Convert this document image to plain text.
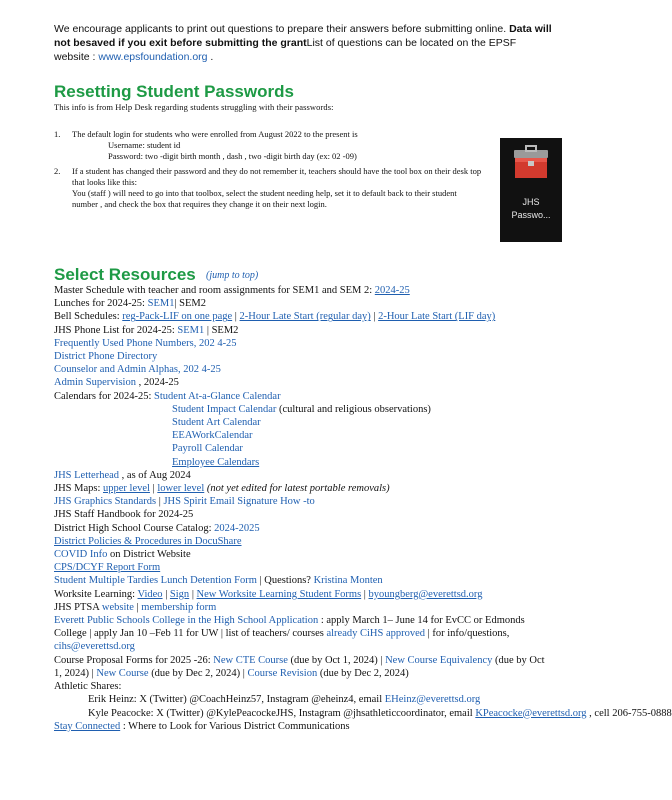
We encourage applicants to print out questions to prepare their answers before submitting online. Data will not besaved if you exit before submitting the grantList of questions can be located on the EPSF website : www.epsfoundation.org .

Resetting Student Passwords
This info is from Help Desk regarding students struggling with their passwords:
1. The default login for students who were enrolled from August 2022 to the present is
Username: student id
Password: two -digit birth month , dash , two -digit birth day (ex: 02 -09)
2. If a student has changed their password and they do not remember it, teachers should have the tool box on their desk top that looks like this:
You (staff ) will need to go into that toolbox, select the student needing help, set it to default back to their student number , and check the box that requires they change it on their next login.	JHS
Passwo...
Select Resources (jump to top)
Master Schedule with teacher and room assignments for SEM1 and SEM 2: 2024-25
Lunches for 2024-25: SEM1| SEM2
Bell Schedules: reg-Pack-LIF on one page | 2-Hour Late Start (regular day) | 2-Hour Late Start (LIF day)
JHS Phone List for 2024-25: SEM1 | SEM2
Frequently Used Phone Numbers, 202 4-25
District Phone Directory
Counselor and Admin Alphas, 202 4-25
Admin Supervision , 2024-25
Calendars for 2024-25: Student At-a-Glance Calendar
Student Impact Calendar (cultural and religious observations)
Student Art Calendar
EEAWorkCalendar
Payroll Calendar
Employee Calendars
JHS Letterhead , as of Aug 2024
JHS Maps: upper level | lower level (not yet edited for latest portable removals)
JHS Graphics Standards | JHS Spirit Email Signature How -to
JHS Staff Handbook for 2024-25
District High School Course Catalog: 2024-2025
District Policies & Procedures in DocuShare
COVID Info on District Website
CPS/DCYF Report Form
Student Multiple Tardies Lunch Detention Form | Questions? Kristina Monten
Worksite Learning: Video | Sign | New Worksite Learning Student Forms | byoungberg@everettsd.org
JHS PTSA website | membership form
Everett Public Schools College in the High School Application : apply March 1– June 14 for EvCC or Edmonds College | apply Jan 10 –Feb 11 for UW | list of teachers/ courses already CiHS approved | for info/questions, cihs@everettsd.org
Course Proposal Forms for 2025 -26: New CTE Course (due by Oct 1, 2024) | New Course Equivalency (due by Oct 1, 2024) | New Course (due by Dec 2, 2024) | Course Revision (due by Dec 2, 2024)
Athletic Shares:
Erik Heinz: X (Twitter) @CoachHeinz57, Instagram @eheinz4, email EHeinz@everettsd.org
Kyle Peacocke: X (Twitter) @KylePeacockeJHS, Instagram @jhsathleticcoordinator, email KPeacocke@everettsd.org , cell 206-755-0888
Stay Connected : Where to Look for Various District Communications
